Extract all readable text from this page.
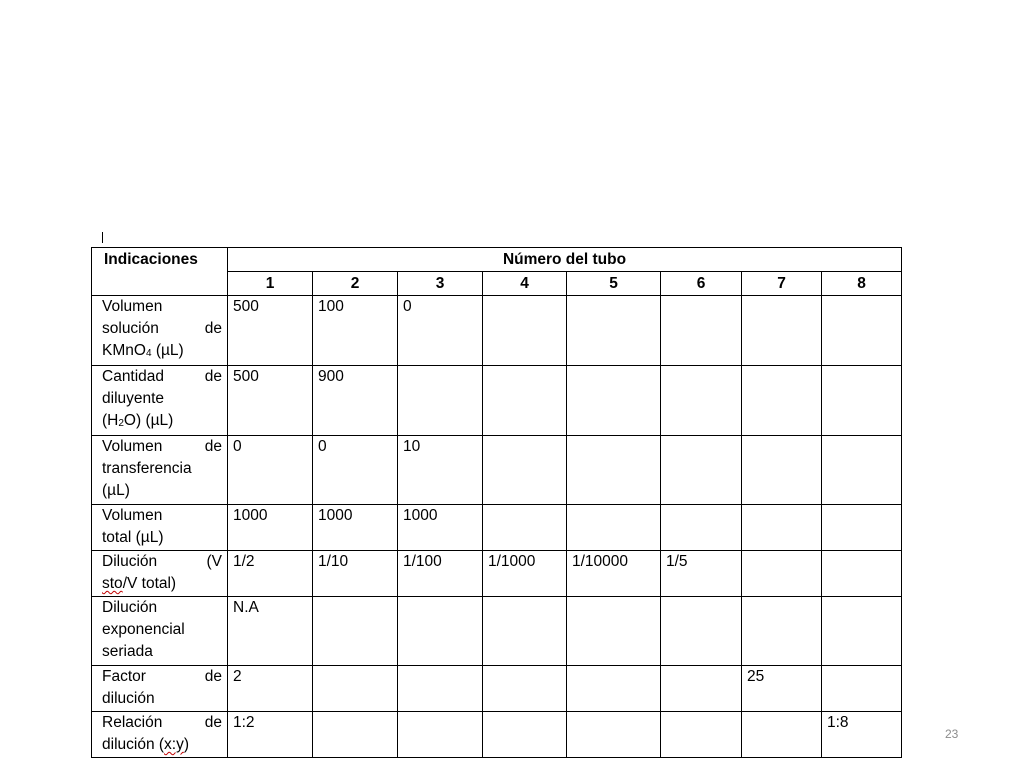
Indicaciones	Número del tubo							
	1	2	3	4	5	6	7	8

Volumen
solución de
KMnO$_4$ (µL)	500	100	0					

Cantidad de
diluyente
$(H_2O)$ (µL)	500	900						

Volumen de
transferencia
(µL)	0	0	10					

Volumen
total (µL)	1000	1000	1000					

Dilución (V
sto/V total)	1/2	1/10	1/100	1/1000	1/10000	1/5		

Dilución
exponencial
seriada	N.A							

Factor de
dilución	2						25	

Relación de
dilución (x:y)	1:2							1:8
23
